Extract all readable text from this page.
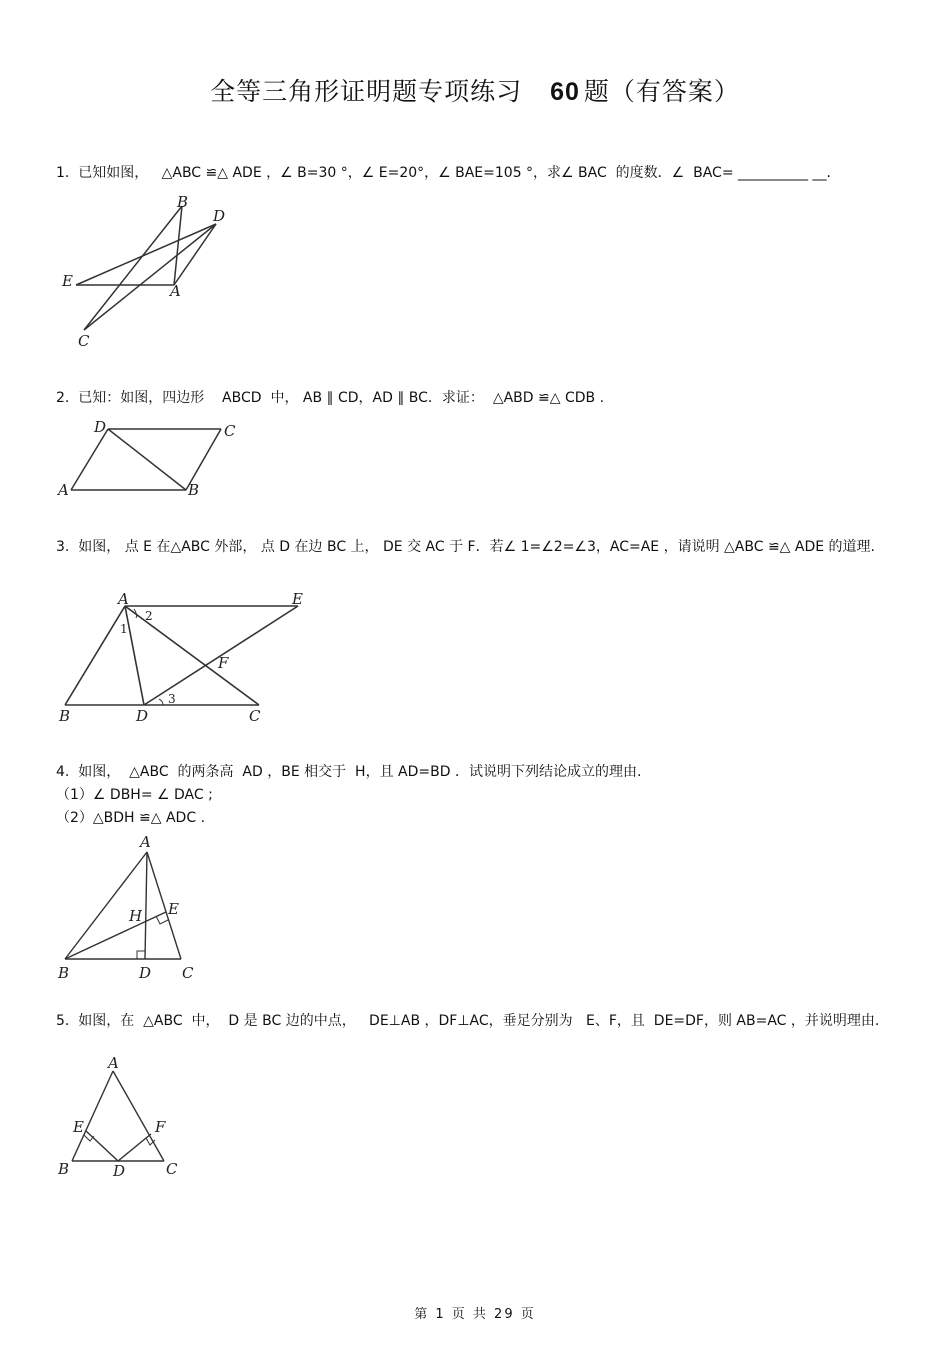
全等三角形证明题专项练习 60 题（有答案）
1.  已知如图，   △ABC ≌△ ADE ，∠ B=30 °，∠ E=20°，∠ BAE=105 °，求∠ BAC  的度数．∠  BAC= __________ __．
B
D
E
A
C
2.  已知：如图，四边形    ABCD  中， AB ∥ CD，AD ∥ BC．求证：  △ABD ≌△ CDB .
D	C
A	B
3.  如图， 点 E 在△ABC 外部， 点 D 在边 BC 上， DE 交 AC 于 F．若∠ 1=∠2=∠3，AC=AE ，请说明 △ABC ≌△ ADE 的道理.
A	E
1
2
3
F
B	D	C
4.  如图，  △ABC  的两条高  AD ，BE 相交于  H，且 AD=BD ．试说明下列结论成立的理由.
（1）∠ DBH= ∠ DAC ;
（2）△BDH ≌△ ADC .
A
H E
B	D C
5.  如图，在  △ABC  中，  D 是 BC 边的中点，   DE⊥AB ，DF⊥AC，垂足分别为   E、F，且  DE=DF，则 AB=AC ，并说明理由.
A
E	F
B	D	C
第 1 页 共 29 页
